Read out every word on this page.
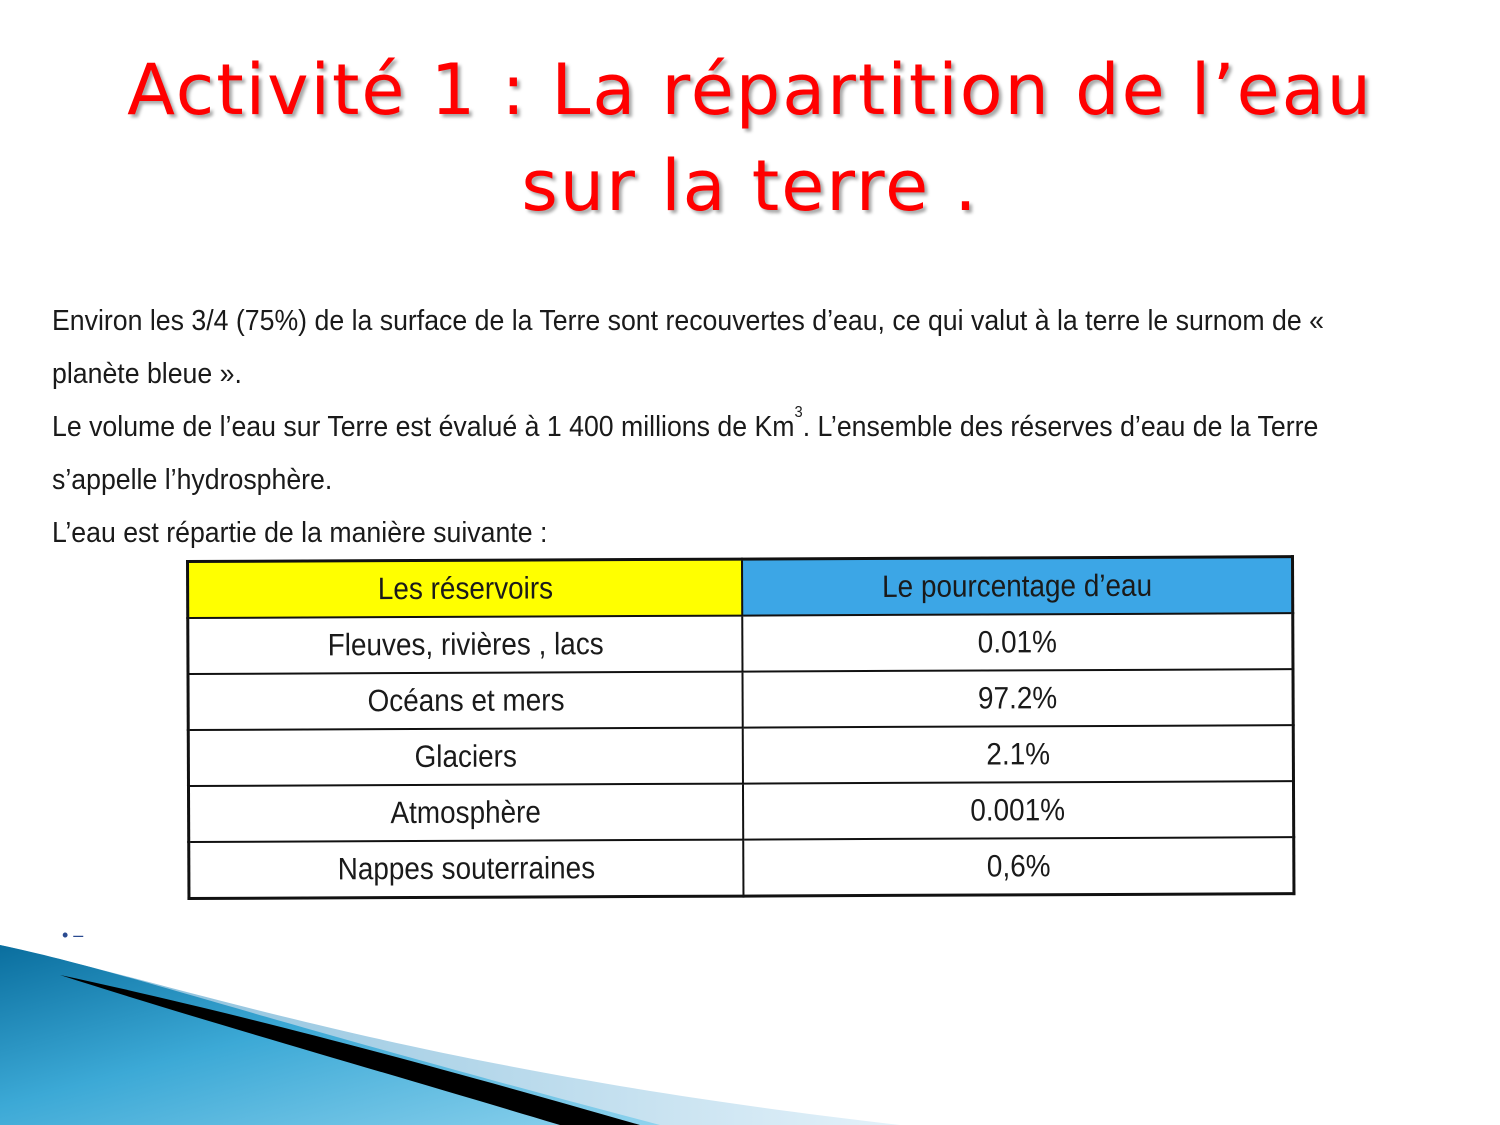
Activité 1 : La répartition de l’eau
sur la terre .

Environ les 3/4 (75%) de la surface de la Terre sont recouvertes d’eau, ce qui valut à la terre le surnom de « planète bleue ».

Le volume de l’eau sur Terre est évalué à 1 400 millions de Km$^3$. L’ensemble des réserves d’eau de la Terre s’appelle l’hydrosphère.

L’eau est répartie de la manière suivante :

Les réservoirs	Le pourcentage d’eau
Fleuves, rivières , lacs	0.01%
Océans et mers	97.2%
Glaciers	2.1%
Atmosphère	0.001%
Nappes souterraines	0,6%
• –
